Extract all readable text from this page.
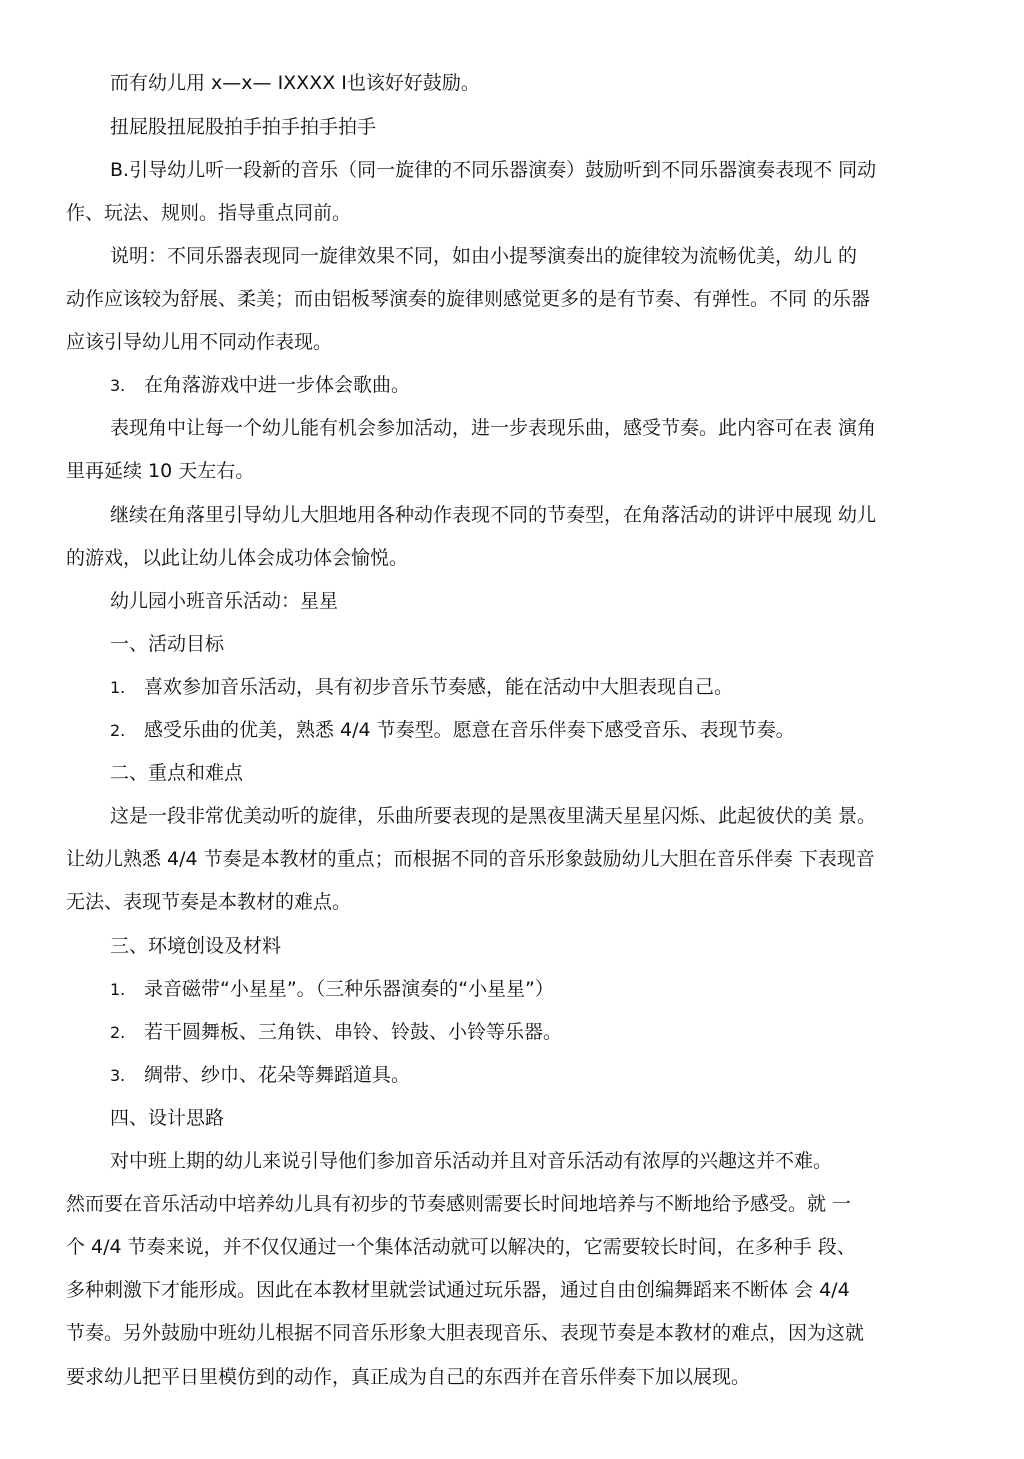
而有幼儿用 x—x— IXXXX I也该好好鼓励。
扭屁股扭屁股拍手拍手拍手拍手
B.引导幼儿听一段新的音乐（同一旋律的不同乐器演奏）鼓励听到不同乐器演奏表现不 同动
作、玩法、规则。指导重点同前。
说明：不同乐器表现同一旋律效果不同，如由小提琴演奏出的旋律较为流畅优美，幼儿 的
动作应该较为舒展、柔美；而由铝板琴演奏的旋律则感觉更多的是有节奏、有弹性。不同 的乐器
应该引导幼儿用不同动作表现。
3. 在角落游戏中进一步体会歌曲。
表现角中让每一个幼儿能有机会参加活动，进一步表现乐曲，感受节奏。此内容可在表 演角
里再延续 10 天左右。
继续在角落里引导幼儿大胆地用各种动作表现不同的节奏型，在角落活动的讲评中展现 幼儿
的游戏，以此让幼儿体会成功体会愉悦。
幼儿园小班音乐活动：星星
一、活动目标
1. 喜欢参加音乐活动，具有初步音乐节奏感，能在活动中大胆表现自己。
2. 感受乐曲的优美，熟悉 4/4 节奏型。愿意在音乐伴奏下感受音乐、表现节奏。
二、重点和难点
这是一段非常优美动听的旋律，乐曲所要表现的是黑夜里满天星星闪烁、此起彼伏的美 景。
让幼儿熟悉 4/4 节奏是本教材的重点；而根据不同的音乐形象鼓励幼儿大胆在音乐伴奏 下表现音
无法、表现节奏是本教材的难点。
三、环境创设及材料
1. 录音磁带“小星星”。（三种乐器演奏的“小星星”）
2. 若干圆舞板、三角铁、串铃、铃鼓、小铃等乐器。
3. 绸带、纱巾、花朵等舞蹈道具。
四、设计思路
对中班上期的幼儿来说引导他们参加音乐活动并且对音乐活动有浓厚的兴趣这并不难。
然而要在音乐活动中培养幼儿具有初步的节奏感则需要长时间地培养与不断地给予感受。就 一
个 4/4 节奏来说，并不仅仅通过一个集体活动就可以解决的，它需要较长时间，在多种手 段、
多种刺激下才能形成。因此在本教材里就尝试通过玩乐器，通过自由创编舞蹈来不断体 会 4/4
节奏。另外鼓励中班幼儿根据不同音乐形象大胆表现音乐、表现节奏是本教材的难点，因为这就
要求幼儿把平日里模仿到的动作，真正成为自己的东西并在音乐伴奏下加以展现。
